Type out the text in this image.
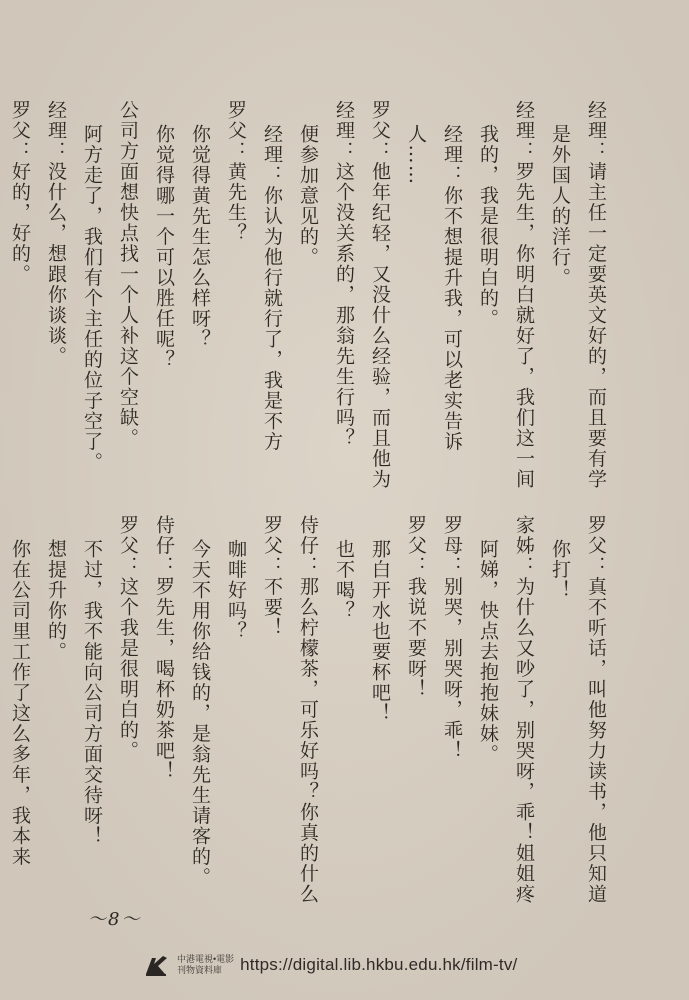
经理：请主任一定要英文好的，而且要有学
是外国人的洋行。
经理：罗先生，你明白就好了，我们这一间
我的，我是很明白的。
经理：你不想提升我，可以老实告诉
人……
罗父：他年纪轻，又没什么经验，而且他为
经理：这个没关系的，那翁先生行吗？
便参加意见的。
经理：你认为他行就行了，我是不方
罗父：黄先生？
你觉得黄先生怎么样呀？
你觉得哪一个可以胜任呢？
公司方面想快点找一个人补这个空缺。
阿方走了，我们有个主任的位子空了。
经理：没什么，想跟你谈谈。
罗父：好的，好的。
罗父：真不听话，叫他努力读书，他只知道
你打！
家姊：为什么又吵了，别哭呀，乖！姐姐疼
阿娣，快点去抱抱妹妹。
罗母：别哭，别哭呀，乖！
罗父：我说不要呀！
那白开水也要杯吧！
也不喝？
侍仔：那么柠檬茶，可乐好吗？你真的什么
罗父：不要！
咖啡好吗？
今天不用你给钱的，是翁先生请客的。
侍仔：罗先生，喝杯奶茶吧！
罗父：这个我是很明白的。
不过，我不能向公司方面交待呀！
想提升你的。
你在公司里工作了这么多年，我本来
～8～
中港電視•電影
刊物資料庫	https://digital.lib.hkbu.edu.hk/film-tv/
